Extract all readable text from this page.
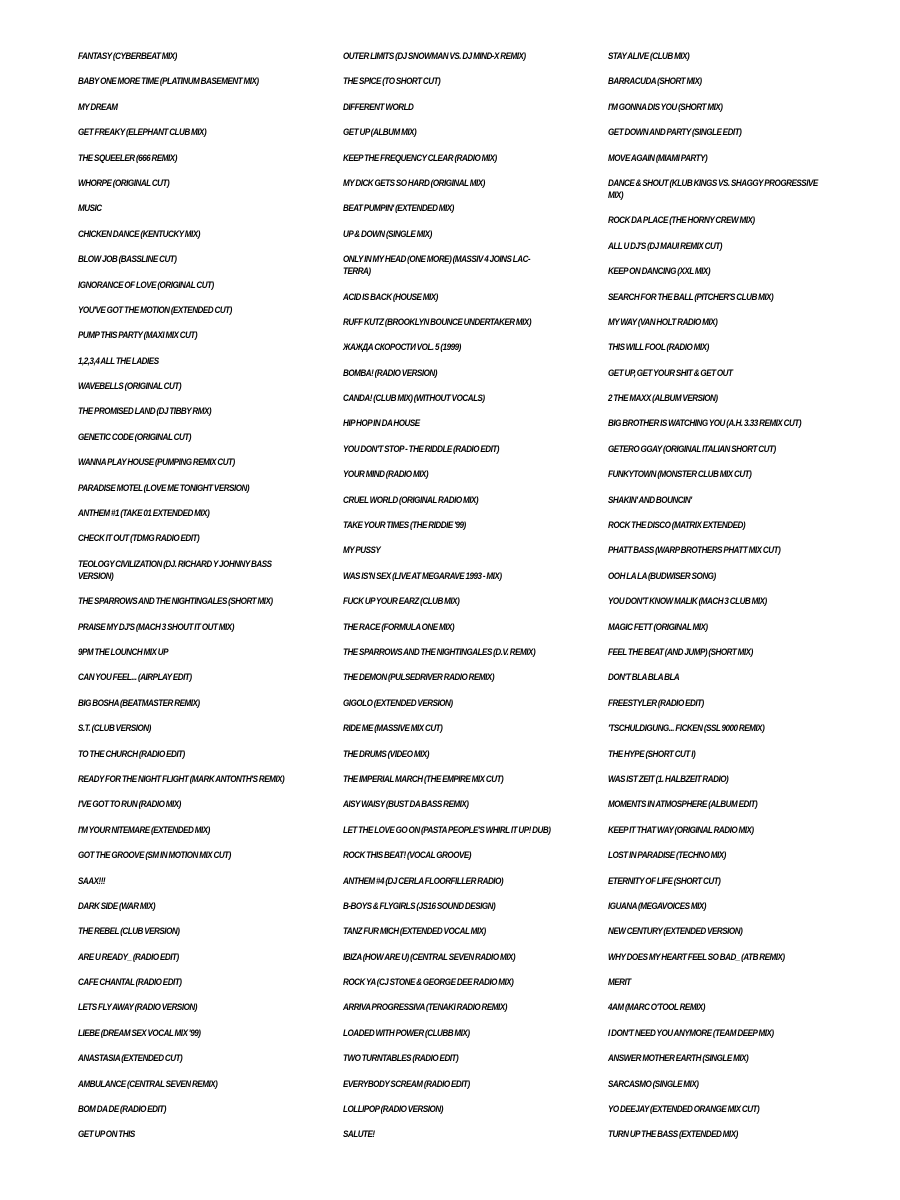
FANTASY (CYBERBEAT MIX)

BABY ONE MORE TIME (PLATINUM BASEMENT MIX)

MY DREAM

GET FREAKY (ELEPHANT CLUB MIX)

THE SQUEELER (666 REMIX)

WHORPE (ORIGINAL CUT)

MUSIC

CHICKEN DANCE (KENTUCKY MIX)

BLOW JOB (BASSLINE CUT)

IGNORANCE OF LOVE (ORIGINAL CUT)

YOU'VE GOT THE MOTION (EXTENDED CUT)

PUMP THIS PARTY (MAXI MIX CUT)

1,2,3,4 ALL THE LADIES

WAVEBELLS (ORIGINAL CUT)

THE PROMISED LAND (DJ TIBBY RMX)

GENETIC CODE (ORIGINAL CUT)

WANNA PLAY HOUSE (PUMPING REMIX CUT)

PARADISE MOTEL (LOVE ME TONIGHT VERSION)

ANTHEM #1 (TAKE 01 EXTENDED MIX)

CHECK IT OUT (TDMG RADIO EDIT)

TEOLOGY CIVILIZATION (DJ. RICHARD Y JOHNNY BASS VERSION)

THE SPARROWS AND THE NIGHTINGALES (SHORT MIX)

PRAISE MY DJ'S (MACH 3 SHOUT IT OUT MIX)

9PM THE LOUNCH MIX UP

CAN YOU FEEL... (AIRPLAY EDIT)

BIG BOSHA (BEATMASTER REMIX)

S.T. (CLUB VERSION)

TO THE CHURCH (RADIO EDIT)

READY FOR THE NIGHT FLIGHT (MARK ANTONTH'S REMIX)

I'VE GOT TO RUN (RADIO MIX)

I'M YOUR NITEMARE (EXTENDED MIX)

GOT THE GROOVE (SM IN MOTION MIX CUT)

SAAX!!!

DARK SIDE (WAR MIX)

THE REBEL (CLUB VERSION)

ARE U READY_ (RADIO EDIT)

CAFE CHANTAL (RADIO EDIT)

LETS FLY AWAY (RADIO VERSION)

LIEBE (DREAM SEX VOCAL MIX '99)

ANASTASIA (EXTENDED CUT)

AMBULANCE (CENTRAL SEVEN REMIX)

BOM DA DE (RADIO EDIT)

GET UP ON THIS

OUTER LIMITS (DJ SNOWMAN VS. DJ MIND-X REMIX)

THE SPICE (TO SHORT CUT)

DIFFERENT WORLD

GET UP (ALBUM MIX)

KEEP THE FREQUENCY CLEAR (RADIO MIX)

MY DICK GETS SO HARD (ORIGINAL MIX)

BEAT PUMPIN' (EXTENDED MIX)

UP & DOWN (SINGLE MIX)

ONLY IN MY HEAD (ONE MORE) (MASSIV 4 JOINS LAC-TERRA)

ACID IS BACK (HOUSE MIX)

RUFF KUTZ (BROOKLYN BOUNCE UNDERTAKER MIX)

ЖАЖДА СКОРОСТИ VOL. 5 (1999)

BOMBA! (RADIO VERSION)

CANDA! (CLUB MIX) (WITHOUT VOCALS)

HIP HOP IN DA HOUSE

YOU DON'T STOP - THE RIDDLE (RADIO EDIT)

YOUR MIND (RADIO MIX)

CRUEL WORLD (ORIGINAL RADIO MIX)

TAKE YOUR TIMES (THE RIDDIE '99)

MY PUSSY

WAS IS'N SEX (LIVE AT MEGARAVE 1993 - MIX)

FUCK UP YOUR EARZ (CLUB MIX)

THE RACE (FORMULA ONE MIX)

THE SPARROWS AND THE NIGHTINGALES (D.V. REMIX)

THE DEMON (PULSEDRIVER RADIO REMIX)

GIGOLO (EXTENDED VERSION)

RIDE ME (MASSIVE MIX CUT)

THE DRUMS (VIDEO MIX)

THE IMPERIAL MARCH (THE EMPIRE MIX CUT)

AISY WAISY (BUST DA BASS REMIX)

LET THE LOVE GO ON (PASTA PEOPLE'S WHIRL IT UP! DUB)

ROCK THIS BEAT! (VOCAL GROOVE)

ANTHEM #4 (DJ CERLA FLOORFILLER RADIO)

B-BOYS & FLYGIRLS (JS16 SOUND DESIGN)

TANZ FUR MICH (EXTENDED VOCAL MIX)

IBIZA (HOW ARE U) (CENTRAL SEVEN RADIO MIX)

ROCK YA (CJ STONE & GEORGE DEE RADIO MIX)

ARRIVA PROGRESSIVA (TENAKI RADIO REMIX)

LOADED WITH POWER (CLUBB MIX)

TWO TURNTABLES (RADIO EDIT)

EVERYBODY SCREAM (RADIO EDIT)

LOLLIPOP (RADIO VERSION)

SALUTE!

STAY ALIVE (CLUB MIX)

BARRACUDA (SHORT MIX)

I'M GONNA DIS YOU (SHORT MIX)

GET DOWN AND PARTY (SINGLE EDIT)

MOVE AGAIN (MIAMI PARTY)

DANCE & SHOUT (KLUB KINGS VS. SHAGGY PROGRESSIVE MIX)

ROCK DA PLACE (THE HORNY CREW MIX)

ALL U DJ'S (DJ MAUI REMIX CUT)

KEEP ON DANCING (XXL MIX)

SEARCH FOR THE BALL (PITCHER'S CLUB MIX)

MY WAY (VAN HOLT RADIO MIX)

THIS WILL FOOL (RADIO MIX)

GET UP, GET YOUR SHIT & GET OUT

2 THE MAXX (ALBUM VERSION)

BIG BROTHER IS WATCHING YOU (A.H. 3.33 REMIX CUT)

GETERO GGAY (ORIGINAL ITALIAN SHORT CUT)

FUNKYTOWN (MONSTER CLUB MIX CUT)

SHAKIN' AND BOUNCIN'

ROCK THE DISCO (MATRIX EXTENDED)

PHATT BASS (WARP BROTHERS PHATT MIX CUT)

OOH LA LA (BUDWISER SONG)

YOU DON'T KNOW MALIK (MACH 3 CLUB MIX)

MAGIC FETT (ORIGINAL MIX)

FEEL THE BEAT (AND JUMP) (SHORT MIX)

DON'T BLA BLA BLA

FREESTYLER (RADIO EDIT)

'TSCHULDIGUNG... FICKEN (SSL 9000 REMIX)

THE HYPE (SHORT CUT I)

WAS IST ZEIT (1. HALBZEIT RADIO)

MOMENTS IN ATMOSPHERE (ALBUM EDIT)

KEEP IT THAT WAY (ORIGINAL RADIO MIX)

LOST IN PARADISE (TECHNO MIX)

ETERNITY OF LIFE (SHORT CUT)

IGUANA (MEGAVOICES MIX)

NEW CENTURY (EXTENDED VERSION)

WHY DOES MY HEART FEEL SO BAD_ (ATB REMIX)

MERIT

4AM (MARC O'TOOL REMIX)

I DON'T NEED YOU ANYMORE (TEAM DEEP MIX)

ANSWER MOTHER EARTH (SINGLE MIX)

SARCASMO (SINGLE MIX)

YO DEEJAY (EXTENDED ORANGE MIX CUT)

TURN UP THE BASS (EXTENDED MIX)
